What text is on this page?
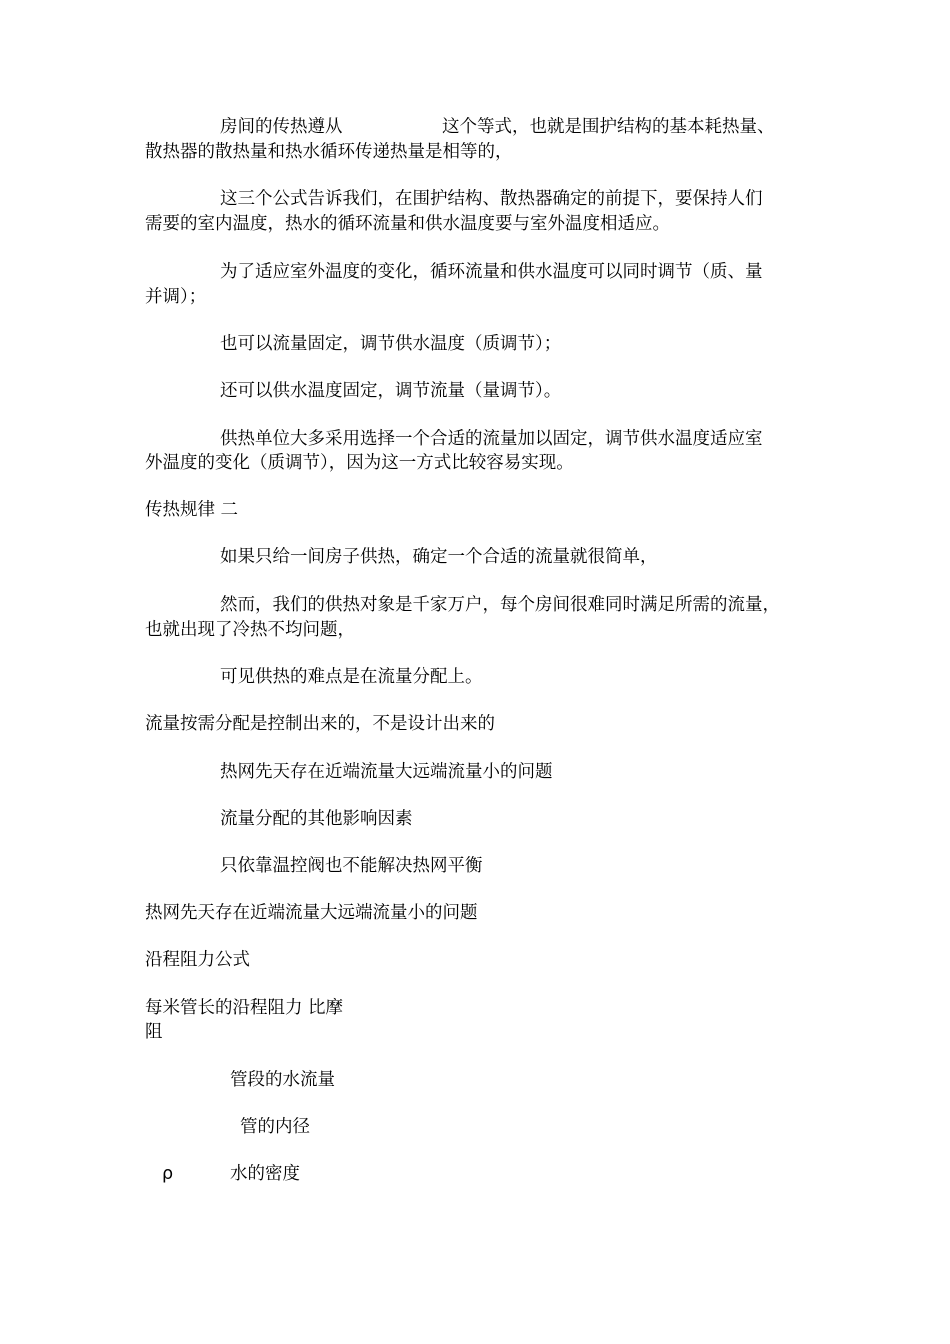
房间的传热遵从	这个等式，也就是围护结构的基本耗热量、
散热器的散热量和热水循环传递热量是相等的，
这三个公式告诉我们，在围护结构、散热器确定的前提下，要保持人们
需要的室内温度，热水的循环流量和供水温度要与室外温度相适应。
为了适应室外温度的变化，循环流量和供水温度可以同时调节（质、量
并调）；
也可以流量固定，调节供水温度（质调节）；
还可以供水温度固定，调节流量（量调节）。
供热单位大多采用选择一个合适的流量加以固定，调节供水温度适应室
外温度的变化（质调节），因为这一方式比较容易实现。
传热规律 二
如果只给一间房子供热，确定一个合适的流量就很简单，
然而，我们的供热对象是千家万户，每个房间很难同时满足所需的流量，
也就出现了冷热不均问题，
可见供热的难点是在流量分配上。
流量按需分配是控制出来的，不是设计出来的
热网先天存在近端流量大远端流量小的问题
流量分配的其他影响因素
只依靠温控阀也不能解决热网平衡
热网先天存在近端流量大远端流量小的问题
沿程阻力公式
每米管长的沿程阻力 比摩
阻
管段的水流量
管的内径
ρ	水的密度
